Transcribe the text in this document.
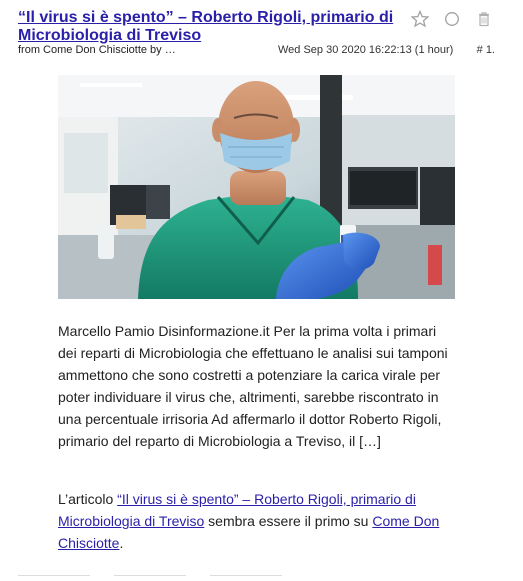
“Il virus si è spento” – Roberto Rigoli, primario di Microbiologia di Treviso
from Come Don Chisciotte by …	Wed Sep 30 2020 16:22:13 (1 hour) # 1.

Marcello Pamio Disinformazione.it Per la prima volta i primari dei reparti di Microbiologia che effettuano le analisi sui tamponi ammettono che sono costretti a potenziare la carica virale per poter individuare il virus che, altrimenti, sarebbe riscontrato in una percentuale irrisoria Ad affermarlo il dottor Roberto Rigoli, primario del reparto di Microbiologia a Treviso, il […]

L’articolo “Il virus si è spento” – Roberto Rigoli, primario di Microbiologia di Treviso sembra essere il primo su Come Don Chisciotte.
